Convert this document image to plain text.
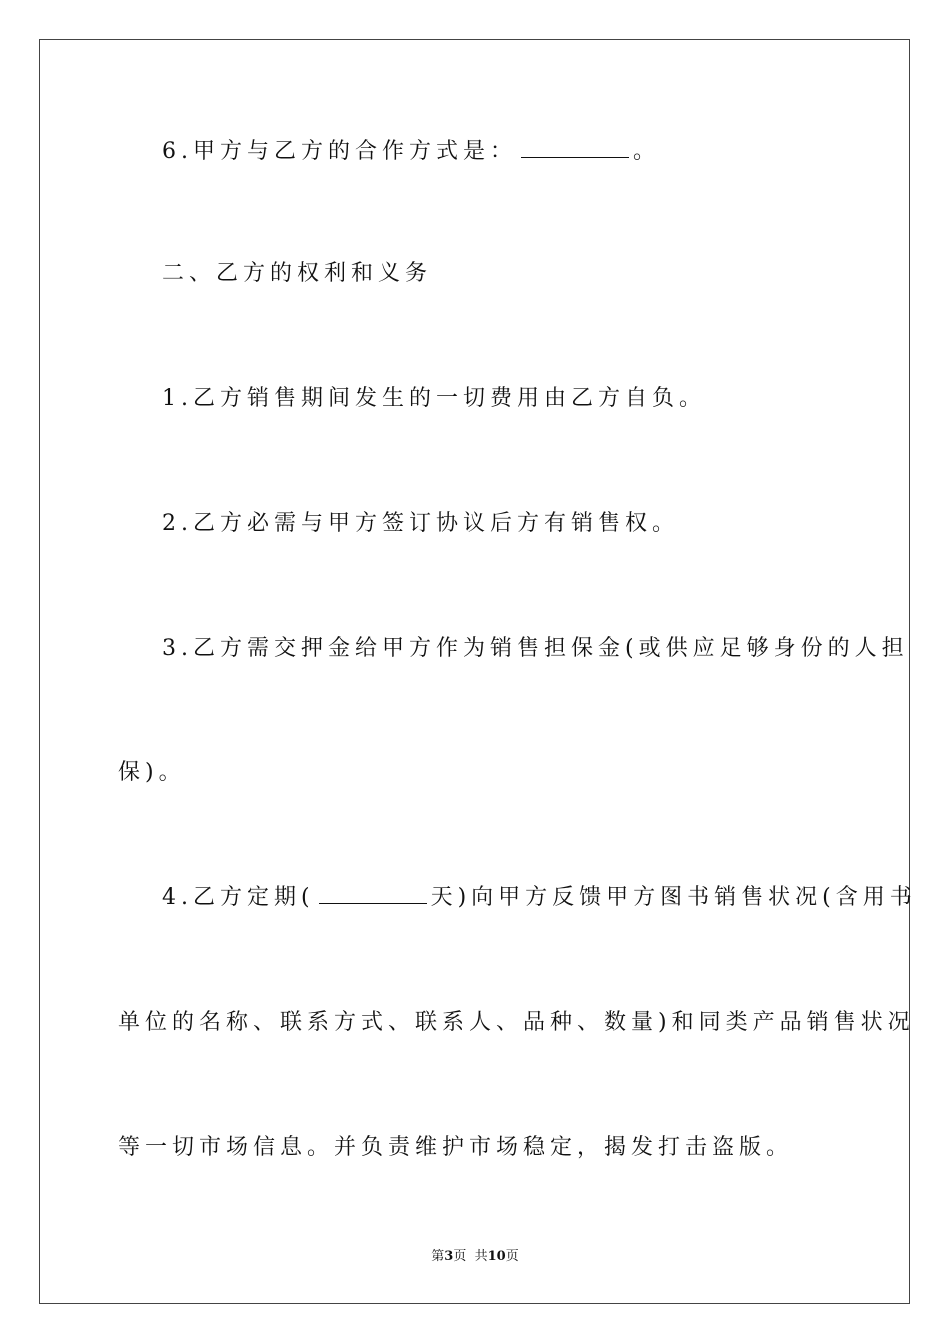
6.甲方与乙方的合作方式是：	。
二、乙方的权利和义务
1.乙方销售期间发生的一切费用由乙方自负。
2.乙方必需与甲方签订协议后方有销售权。
3.乙方需交押金给甲方作为销售担保金(或供应足够身份的人担
保)。
4.乙方定期(	天)向甲方反馈甲方图书销售状况(含用书
单位的名称、联系方式、联系人、品种、数量)和同类产品销售状况
等一切市场信息。并负责维护市场稳定，揭发打击盗版。
第3页  共10页
